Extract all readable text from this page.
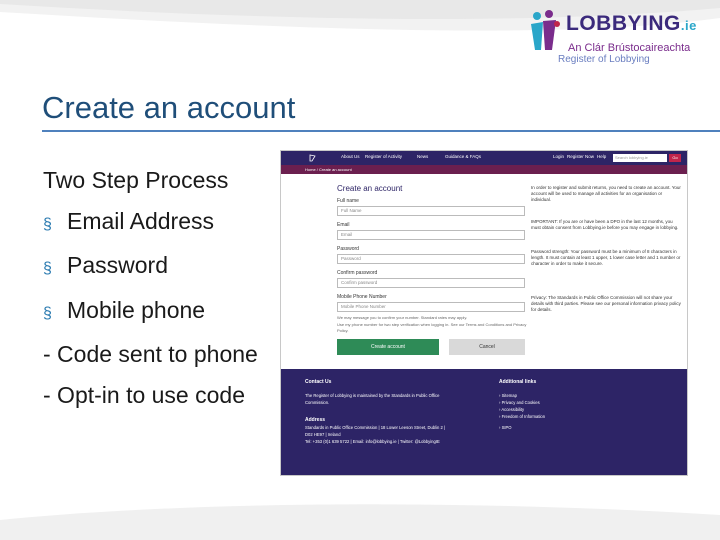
LOBBYING.ie
An Clár Brústocaireachta
Register of Lobbying
Create an account
Two Step Process
§ Email Address
§ Password
§ Mobile phone
- Code sent to phone
- Opt-in to use code
About Us Register of Activity	News	Guidance & FAQs	Login Register Now Help	Search lobbying.ie	Go
Home / Create an account
Create an account
Full name
Full Name
Email
Email
Password
Password
Confirm password
Confirm password
Mobile Phone Number
Mobile Phone Number
We may message you to confirm your number. Standard rates may apply.
Use my phone number for two step verification when logging in. See our Terms and Conditions and Privacy Policy.
Create account	Cancel
In order to register and submit returns, you need to create an account. Your account will be used to manage all activities for an organisation or individual.
IMPORTANT: If you are or have been a DPO in the last 12 months, you must obtain consent from Lobbying.ie before you may engage in lobbying.
Password strength: Your password must be a minimum of 8 characters in length. It must contain at least 1 upper, 1 lower case letter and 1 number or character in order to make it secure.
Privacy: The Standards in Public Office Commission will not share your details with third parties. Please see our personal information privacy policy for details.
Contact Us
The Register of Lobbying is maintained by the Standards in Public Office
Commission.
Address
Standards in Public Office Commission | 18 Lower Leeson Street, Dublin 2 |
D02 HE97 | Ireland
Tel: +353 (0)1 639 5722 | Email: info@lobbying.ie | Twitter: @LobbyingIE
Additional links
› Sitemap
› Privacy and Cookies
› Accessibility
› Freedom of Information
› SIPO
